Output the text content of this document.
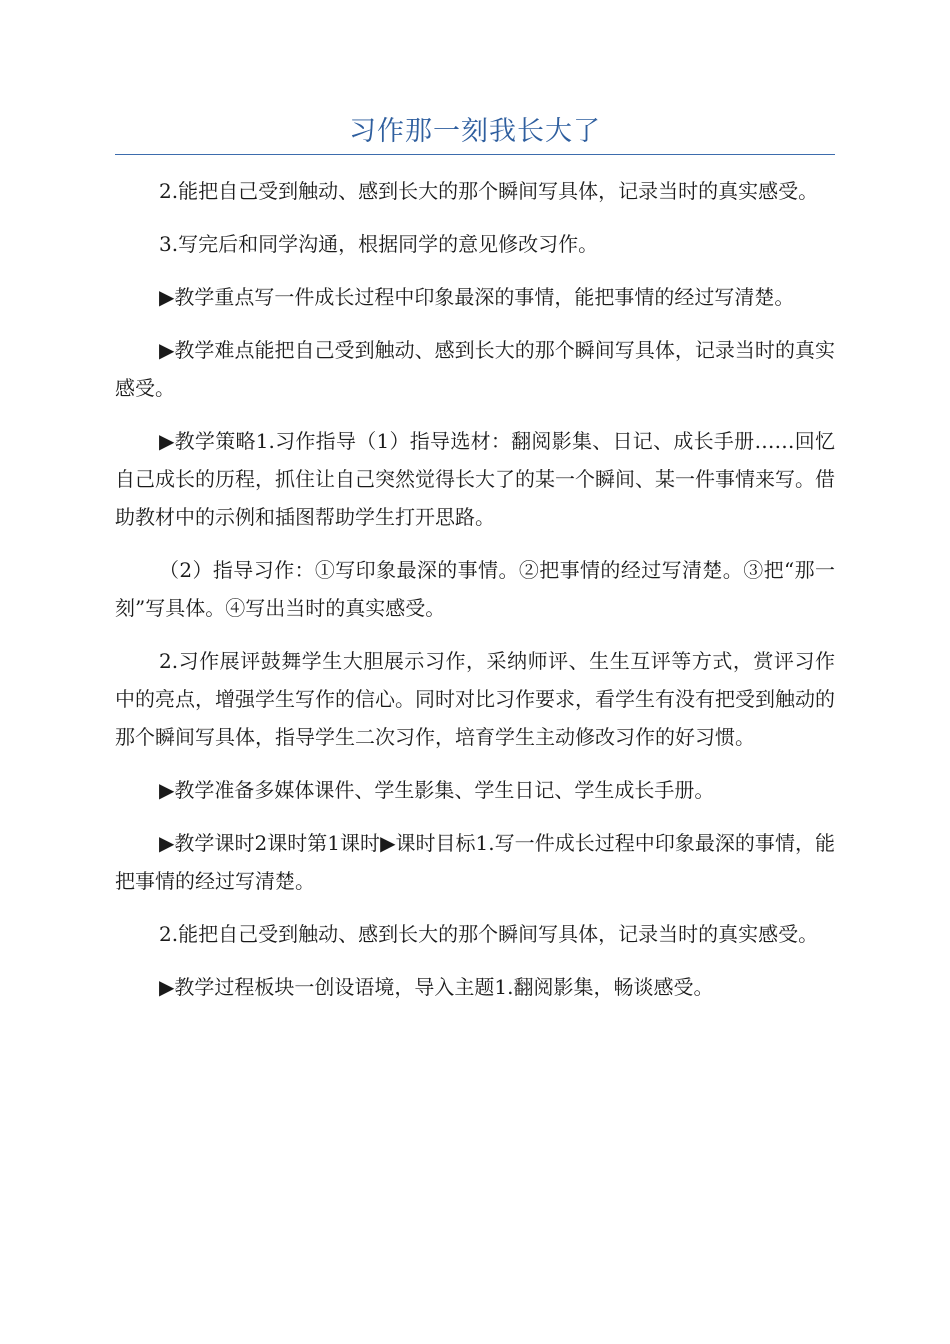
习作那一刻我长大了

2.能把自己受到触动、感到长大的那个瞬间写具体，记录当时的真实感受。

3.写完后和同学沟通，根据同学的意见修改习作。

▶教学重点写一件成长过程中印象最深的事情，能把事情的经过写清楚。

▶教学难点能把自己受到触动、感到长大的那个瞬间写具体，记录当时的真实感受。

▶教学策略1.习作指导（1）指导选材：翻阅影集、日记、成长手册……回忆自己成长的历程，抓住让自己突然觉得长大了的某一个瞬间、某一件事情来写。借助教材中的示例和插图帮助学生打开思路。

（2）指导习作：①写印象最深的事情。②把事情的经过写清楚。③把“那一刻”写具体。④写出当时的真实感受。

2.习作展评鼓舞学生大胆展示习作，采纳师评、生生互评等方式，赏评习作中的亮点，增强学生写作的信心。同时对比习作要求，看学生有没有把受到触动的那个瞬间写具体，指导学生二次习作，培育学生主动修改习作的好习惯。

▶教学准备多媒体课件、学生影集、学生日记、学生成长手册。

▶教学课时2课时第1课时▶课时目标1.写一件成长过程中印象最深的事情，能把事情的经过写清楚。

2.能把自己受到触动、感到长大的那个瞬间写具体，记录当时的真实感受。

▶教学过程板块一创设语境，导入主题1.翻阅影集，畅谈感受。
